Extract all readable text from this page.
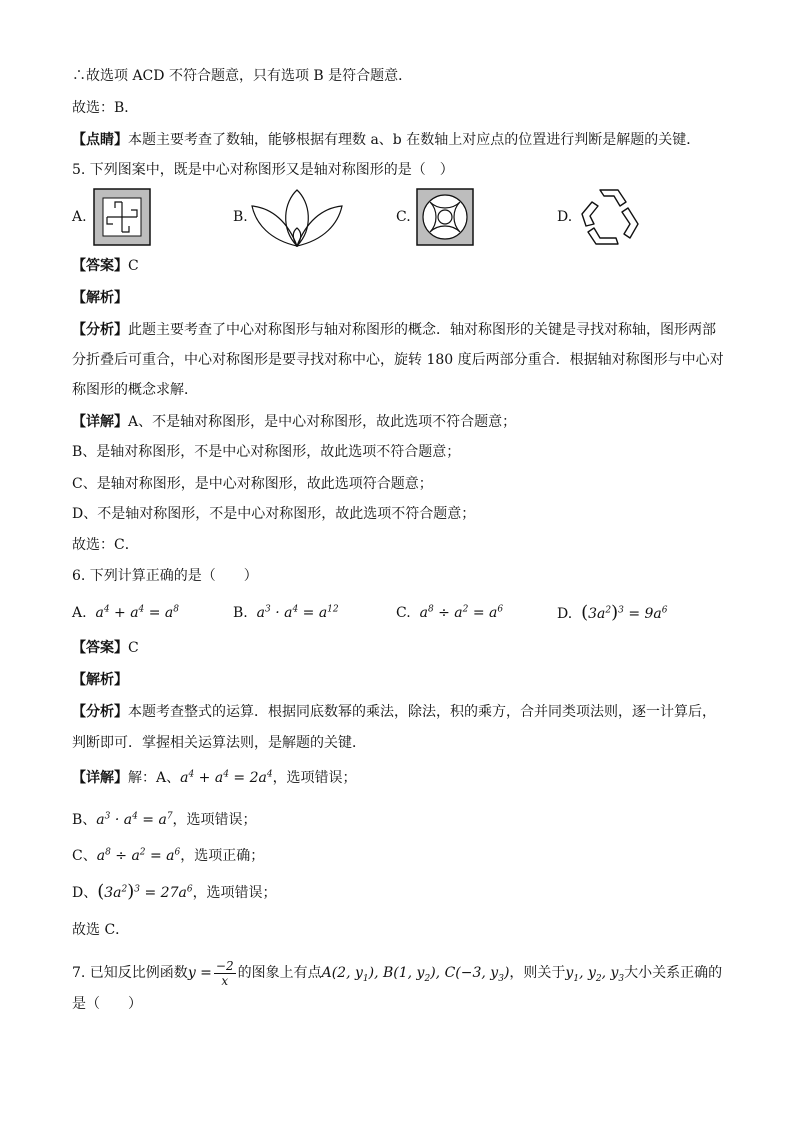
∴故选项 ACD 不符合题意，只有选项 B 是符合题意．
故选：B．
【点睛】本题主要考查了数轴，能够根据有理数 a、b 在数轴上对应点的位置进行判断是解题的关键．
5. 下列图案中，既是中心对称图形又是轴对称图形的是（　）
A.	B.	C.	D.
【答案】C
【解析】
【分析】此题主要考查了中心对称图形与轴对称图形的概念．轴对称图形的关键是寻找对称轴，图形两部
分折叠后可重合，中心对称图形是要寻找对称中心，旋转 180 度后两部分重合．根据轴对称图形与中心对
称图形的概念求解．
【详解】A、不是轴对称图形，是中心对称图形，故此选项不符合题意；
B、是轴对称图形，不是中心对称图形，故此选项不符合题意；
C、是轴对称图形，是中心对称图形，故此选项符合题意；
D、不是轴对称图形，不是中心对称图形，故此选项不符合题意；
故选：C．
6. 下列计算正确的是（　　）
A. $a^4 + a^4 = a^8$	B. $a^3 \cdot a^4 = a^{12}$	C. $a^8 \div a^2 = a^6$	D. $(3a^2)^3 = 9a^6$
【答案】C
【解析】
【分析】本题考查整式的运算．根据同底数幂的乘法，除法，积的乘方，合并同类项法则，逐一计算后，
判断即可．掌握相关运算法则，是解题的关键．
【详解】解：A、$a^4 + a^4 = 2a^4$，选项错误；
B、$a^3 \cdot a^4 = a^7$，选项错误；
C、$a^8 \div a^2 = a^6$，选项正确；
D、$(3a^2)^3 = 27a^6$，选项错误；
故选 C．
7. 已知反比例函数$y = \frac{-2}{x}$ 的图象上有点A(2, $y_1$), B(1, $y_2$), C(−3, $y_3$)，则关于$y_1$, $y_2$, $y_3$大小关系正确的
是（　　）
